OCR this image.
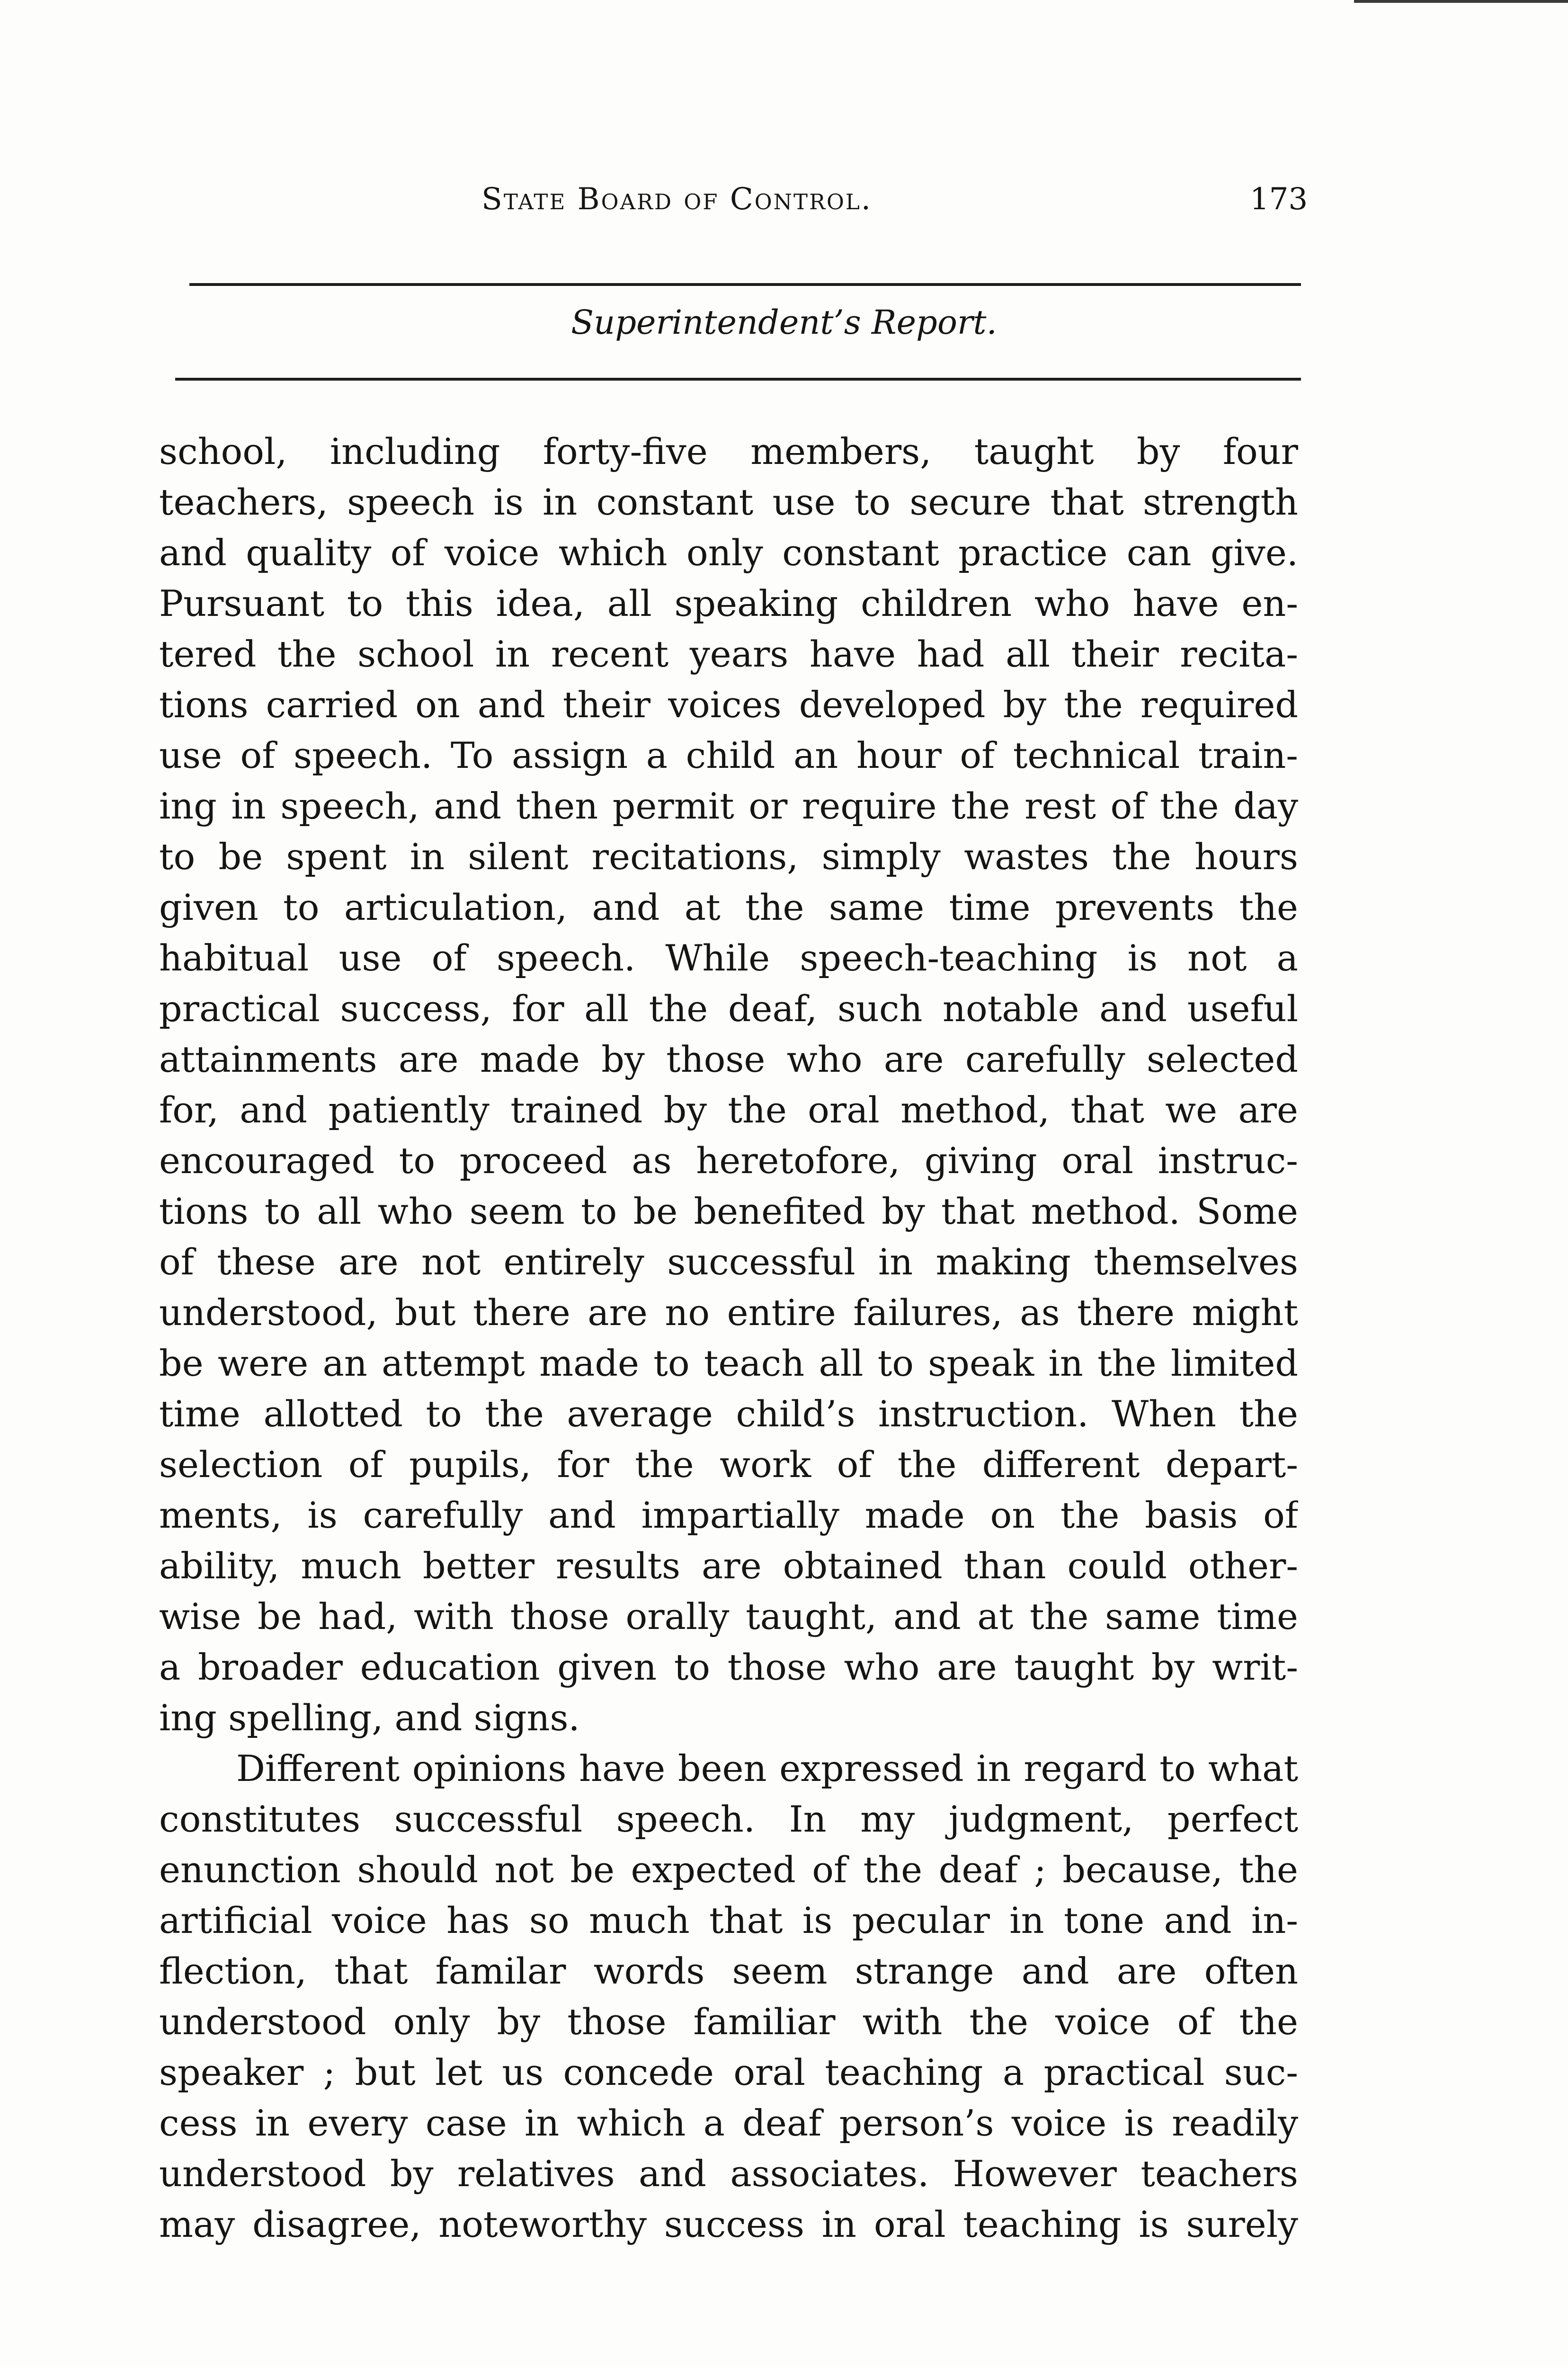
State Board of Control.	173
Superintendent’s Report.
school, including forty-five members, taught by four
teachers, speech is in constant use to secure that strength
and quality of voice which only constant practice can give.
Pursuant to this idea, all speaking children who have en-
tered the school in recent years have had all their recita-
tions carried on and their voices developed by the required
use of speech. To assign a child an hour of technical train-
ing in speech, and then permit or require the rest of the day
to be spent in silent recitations, simply wastes the hours
given to articulation, and at the same time prevents the
habitual use of speech. While speech-teaching is not a
practical success, for all the deaf, such notable and useful
attainments are made by those who are carefully selected
for, and patiently trained by the oral method, that we are
encouraged to proceed as heretofore, giving oral instruc-
tions to all who seem to be benefited by that method. Some
of these are not entirely successful in making themselves
understood, but there are no entire failures, as there might
be were an attempt made to teach all to speak in the limited
time allotted to the average child’s instruction. When the
selection of pupils, for the work of the different depart-
ments, is carefully and impartially made on the basis of
ability, much better results are obtained than could other-
wise be had, with those orally taught, and at the same time
a broader education given to those who are taught by writ-
ing spelling, and signs.
Different opinions have been expressed in regard to what
constitutes successful speech. In my judgment, perfect
enunction should not be expected of the deaf ; because, the
artificial voice has so much that is pecular in tone and in-
flection, that familar words seem strange and are often
understood only by those familiar with the voice of the
speaker ; but let us concede oral teaching a practical suc-
cess in every case in which a deaf person’s voice is readily
understood by relatives and associates. However teachers
may disagree, noteworthy success in oral teaching is surely
